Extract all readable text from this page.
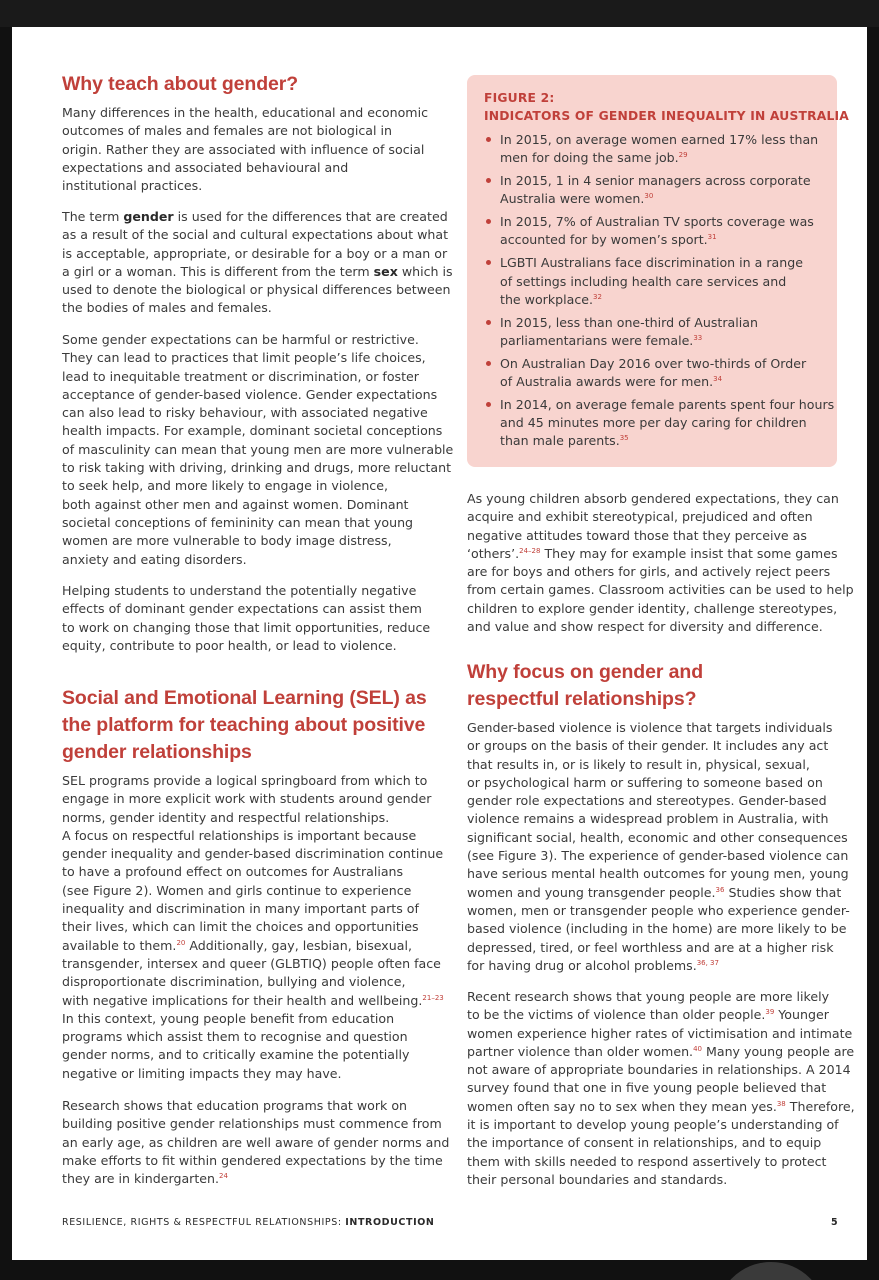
Why teach about gender?
Many differences in the health, educational and economic
outcomes of males and females are not biological in
origin. Rather they are associated with influence of social
expectations and associated behavioural and
institutional practices.
The term gender is used for the differences that are created
as a result of the social and cultural expectations about what
is acceptable, appropriate, or desirable for a boy or a man or
a girl or a woman. This is different from the term sex which is
used to denote the biological or physical differences between
the bodies of males and females.
Some gender expectations can be harmful or restrictive.
They can lead to practices that limit people’s life choices,
lead to inequitable treatment or discrimination, or foster
acceptance of gender-based violence. Gender expectations
can also lead to risky behaviour, with associated negative
health impacts. For example, dominant societal conceptions
of masculinity can mean that young men are more vulnerable
to risk taking with driving, drinking and drugs, more reluctant
to seek help, and more likely to engage in violence,
both against other men and against women. Dominant
societal conceptions of femininity can mean that young
women are more vulnerable to body image distress,
anxiety and eating disorders.
Helping students to understand the potentially negative
effects of dominant gender expectations can assist them
to work on changing those that limit opportunities, reduce
equity, contribute to poor health, or lead to violence.
Social and Emotional Learning (SEL) as
the platform for teaching about positive
gender relationships
SEL programs provide a logical springboard from which to
engage in more explicit work with students around gender
norms, gender identity and respectful relationships.
A focus on respectful relationships is important because
gender inequality and gender-based discrimination continue
to have a profound effect on outcomes for Australians
(see Figure 2). Women and girls continue to experience
inequality and discrimination in many important parts of
their lives, which can limit the choices and opportunities
available to them.$^{20}$ Additionally, gay, lesbian, bisexual,
transgender, intersex and queer (GLBTIQ) people often face
disproportionate discrimination, bullying and violence,
with negative implications for their health and wellbeing.$^{21-23}$
In this context, young people benefit from education
programs which assist them to recognise and question
gender norms, and to critically examine the potentially
negative or limiting impacts they may have.
Research shows that education programs that work on
building positive gender relationships must commence from
an early age, as children are well aware of gender norms and
make efforts to fit within gendered expectations by the time
they are in kindergarten.$^{24}$
FIGURE 2:
INDICATORS OF GENDER INEQUALITY IN AUSTRALIA
In 2015, on average women earned 17% less than
men for doing the same job.$^{29}$
In 2015, 1 in 4 senior managers across corporate
Australia were women.$^{30}$
In 2015, 7% of Australian TV sports coverage was
accounted for by women’s sport.$^{31}$
LGBTI Australians face discrimination in a range
of settings including health care services and
the workplace.$^{32}$
In 2015, less than one-third of Australian
parliamentarians were female.$^{33}$
On Australian Day 2016 over two-thirds of Order
of Australia awards were for men.$^{34}$
In 2014, on average female parents spent four hours
and 45 minutes more per day caring for children
than male parents.$^{35}$
As young children absorb gendered expectations, they can
acquire and exhibit stereotypical, prejudiced and often
negative attitudes toward those that they perceive as
‘others’.$^{24-28}$ They may for example insist that some games
are for boys and others for girls, and actively reject peers
from certain games. Classroom activities can be used to help
children to explore gender identity, challenge stereotypes,
and value and show respect for diversity and difference.
Why focus on gender and
respectful relationships?
Gender-based violence is violence that targets individuals
or groups on the basis of their gender. It includes any act
that results in, or is likely to result in, physical, sexual,
or psychological harm or suffering to someone based on
gender role expectations and stereotypes. Gender-based
violence remains a widespread problem in Australia, with
significant social, health, economic and other consequences
(see Figure 3). The experience of gender-based violence can
have serious mental health outcomes for young men, young
women and young transgender people.$^{36}$ Studies show that
women, men or transgender people who experience gender-
based violence (including in the home) are more likely to be
depressed, tired, or feel worthless and are at a higher risk
for having drug or alcohol problems.$^{36, 37}$
Recent research shows that young people are more likely
to be the victims of violence than older people.$^{39}$ Younger
women experience higher rates of victimisation and intimate
partner violence than older women.$^{40}$ Many young people are
not aware of appropriate boundaries in relationships. A 2014
survey found that one in five young people believed that
women often say no to sex when they mean yes.$^{38}$ Therefore,
it is important to develop young people’s understanding of
the importance of consent in relationships, and to equip
them with skills needed to respond assertively to protect
their personal boundaries and standards.
RESILIENCE, RIGHTS & RESPECTFUL RELATIONSHIPS: INTRODUCTION	5
